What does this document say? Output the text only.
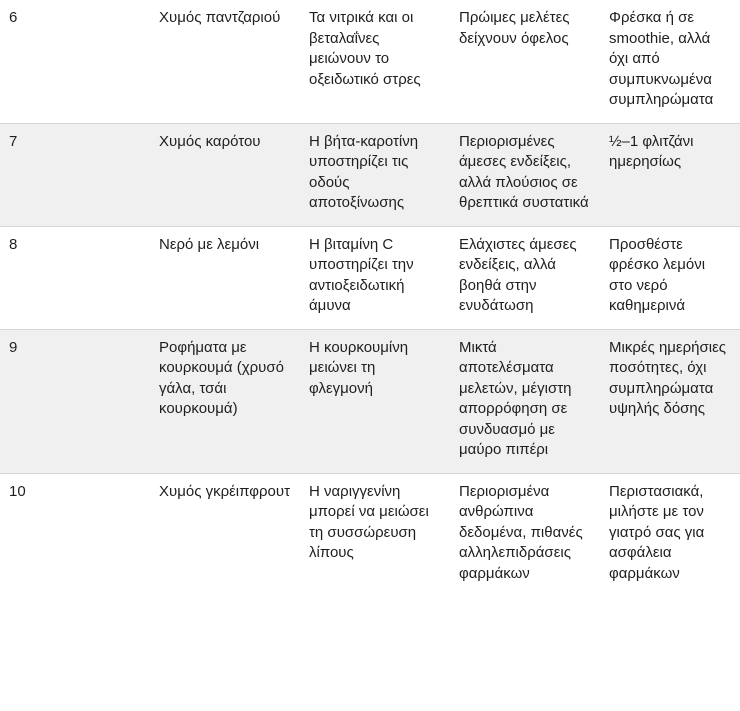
6	Χυμός παντζαριού	Τα νιτρικά και οι βεταλαΐνες μειώνουν το οξειδωτικό στρες	Πρώιμες μελέτες δείχνουν όφελος	Φρέσκα ή σε smoothie, αλλά όχι από συμπυκνωμένα συμπληρώματα
7	Χυμός καρότου	Η βήτα-καροτίνη υποστηρίζει τις οδούς αποτοξίνωσης	Περιορισμένες άμεσες ενδείξεις, αλλά πλούσιος σε θρεπτικά συστατικά	½–1 φλιτζάνι ημερησίως
8	Νερό με λεμόνι	Η βιταμίνη C υποστηρίζει την αντιοξειδωτική άμυνα	Ελάχιστες άμεσες ενδείξεις, αλλά βοηθά στην ενυδάτωση	Προσθέστε φρέσκο λεμόνι στο νερό καθημερινά
9	Ροφήματα με κουρκουμά (χρυσό γάλα, τσάι κουρκουμά)	Η κουρκουμίνη μειώνει τη φλεγμονή	Μικτά αποτελέσματα μελετών, μέγιστη απορρόφηση σε συνδυασμό με μαύρο πιπέρι	Μικρές ημερήσιες ποσότητες, όχι συμπληρώματα υψηλής δόσης
10	Χυμός γκρέιπφρουτ	Η ναριγγενίνη μπορεί να μειώσει τη συσσώρευση λίπους	Περιορισμένα ανθρώπινα δεδομένα, πιθανές αλληλεπιδράσεις φαρμάκων	Περιστασιακά, μιλήστε με τον γιατρό σας για ασφάλεια φαρμάκων
